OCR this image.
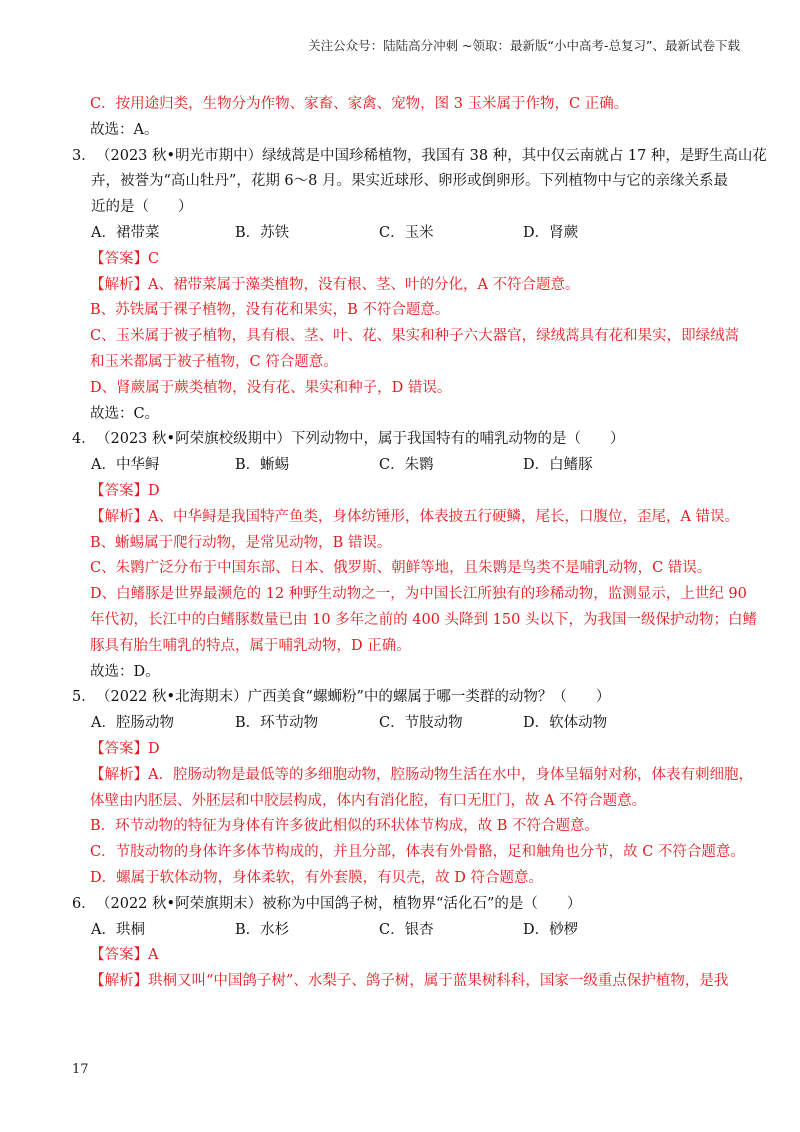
关注公众号：陆陆高分冲刺 ~领取：最新版“小中高考-总复习”、最新试卷下载
C．按用途归类，生物分为作物、家畜、家禽、宠物，图 3 玉米属于作物，C 正确。
故选：A。
3．（2023 秋•明光市期中）绿绒蒿是中国珍稀植物，我国有 38 种，其中仅云南就占 17 种，是野生高山花
卉，被誉为“高山牡丹”，花期 6～8 月。果实近球形、卵形或倒卵形。下列植物中与它的亲缘关系最
近的是（　　）
A．裙带菜	B．苏铁	C．玉米	D．肾蕨
【答案】C
【解析】A、裙带菜属于藻类植物，没有根、茎、叶的分化，A 不符合题意。
B、苏铁属于裸子植物，没有花和果实，B 不符合题意。
C、玉米属于被子植物，具有根、茎、叶、花、果实和种子六大器官，绿绒蒿具有花和果实，即绿绒蒿
和玉米都属于被子植物，C 符合题意。
D、肾蕨属于蕨类植物，没有花、果实和种子，D 错误。
故选：C。
4．（2023 秋•阿荣旗校级期中）下列动物中，属于我国特有的哺乳动物的是（　　）
A．中华鲟	B．蜥蜴	C．朱鹮	D．白鳍豚
【答案】D
【解析】A、中华鲟是我国特产鱼类，身体纺锤形，体表披五行硬鳞，尾长，口腹位，歪尾，A 错误。
B、蜥蜴属于爬行动物，是常见动物，B 错误。
C、朱鹮广泛分布于中国东部、日本、俄罗斯、朝鲜等地，且朱鹮是鸟类不是哺乳动物，C 错误。
D、白鳍豚是世界最濒危的 12 种野生动物之一，为中国长江所独有的珍稀动物，监测显示，上世纪 90
年代初，长江中的白鳍豚数量已由 10 多年之前的 400 头降到 150 头以下，为我国一级保护动物；白鳍
豚具有胎生哺乳的特点，属于哺乳动物，D 正确。
故选：D。
5．（2022 秋•北海期末）广西美食“螺蛳粉”中的螺属于哪一类群的动物？（　　）
A．腔肠动物	B．环节动物	C．节肢动物	D．软体动物
【答案】D
【解析】A．腔肠动物是最低等的多细胞动物，腔肠动物生活在水中，身体呈辐射对称，体表有刺细胞，
体壁由内胚层、外胚层和中胶层构成，体内有消化腔，有口无肛门，故 A 不符合题意。
B．环节动物的特征为身体有许多彼此相似的环状体节构成，故 B 不符合题意。
C．节肢动物的身体许多体节构成的，并且分部，体表有外骨骼，足和触角也分节，故 C 不符合题意。
D．螺属于软体动物，身体柔软，有外套膜，有贝壳，故 D 符合题意。
6．（2022 秋•阿荣旗期末）被称为中国鸽子树，植物界“活化石”的是（　　）
A．珙桐	B．水杉	C．银杏	D．桫椤
【答案】A
【解析】珙桐又叫“中国鸽子树”、水梨子、鸽子树，属于蓝果树科科，国家一级重点保护植物，是我
17
